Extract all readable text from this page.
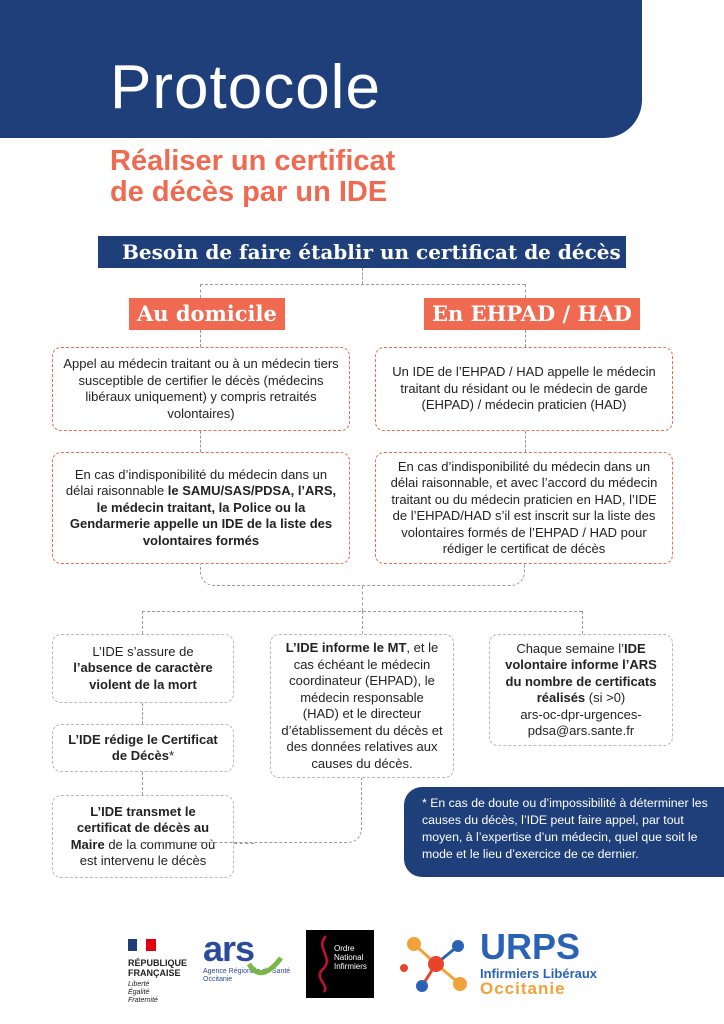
Protocole
Réaliser un certificat
de décès par un IDE
Besoin de faire établir un certificat de décès
Au domicile	En EHPAD / HAD
Appel au médecin traitant ou à un médecin tiers susceptible de certifier le décès (médecins libéraux uniquement) y compris retraités volontaires)
Un IDE de l’EHPAD / HAD appelle le médecin traitant du résidant ou le médecin de garde (EHPAD) / médecin praticien (HAD)
En cas d’indisponibilité du médecin dans un délai raisonnable le SAMU/SAS/PDSA, l’ARS, le médecin traitant, la Police ou la Gendarmerie appelle un IDE de la liste des volontaires formés
En cas d’indisponibilité du médecin dans un délai raisonnable, et avec l’accord du médecin traitant ou du médecin praticien en HAD, l’IDE de l’EHPAD/HAD s’il est inscrit sur la liste des volontaires formés de l’EHPAD / HAD pour rédiger le certificat de décès
L’IDE s’assure de
l’absence de caractère violent de la mort
L’IDE rédige le Certificat de Décès*
L’IDE transmet le certificat de décès au Maire de la commune où est intervenu le décès
L’IDE informe le MT, et le cas échéant le médecin coordinateur (EHPAD), le médecin responsable (HAD) et le directeur d’établissement du décès et des données relatives aux causes du décès.
Chaque semaine l’IDE volontaire informe l’ARS du nombre de certificats réalisés (si >0)
ars-oc-dpr-urgences-pdsa@ars.sante.fr
* En cas de doute ou d’impossibilité à déterminer les causes du décès, l’IDE peut faire appel, par tout moyen, à l’expertise d’un médecin, quel que soit le mode et le lieu d’exercice de ce dernier.
RÉPUBLIQUE
FRANÇAISE
Liberté
Égalité
Fraternité
ars
Agence Régionale de Santé
Occitanie
Ordre
National
Infirmiers	URPS
Infirmiers Libéraux
Occitanie
